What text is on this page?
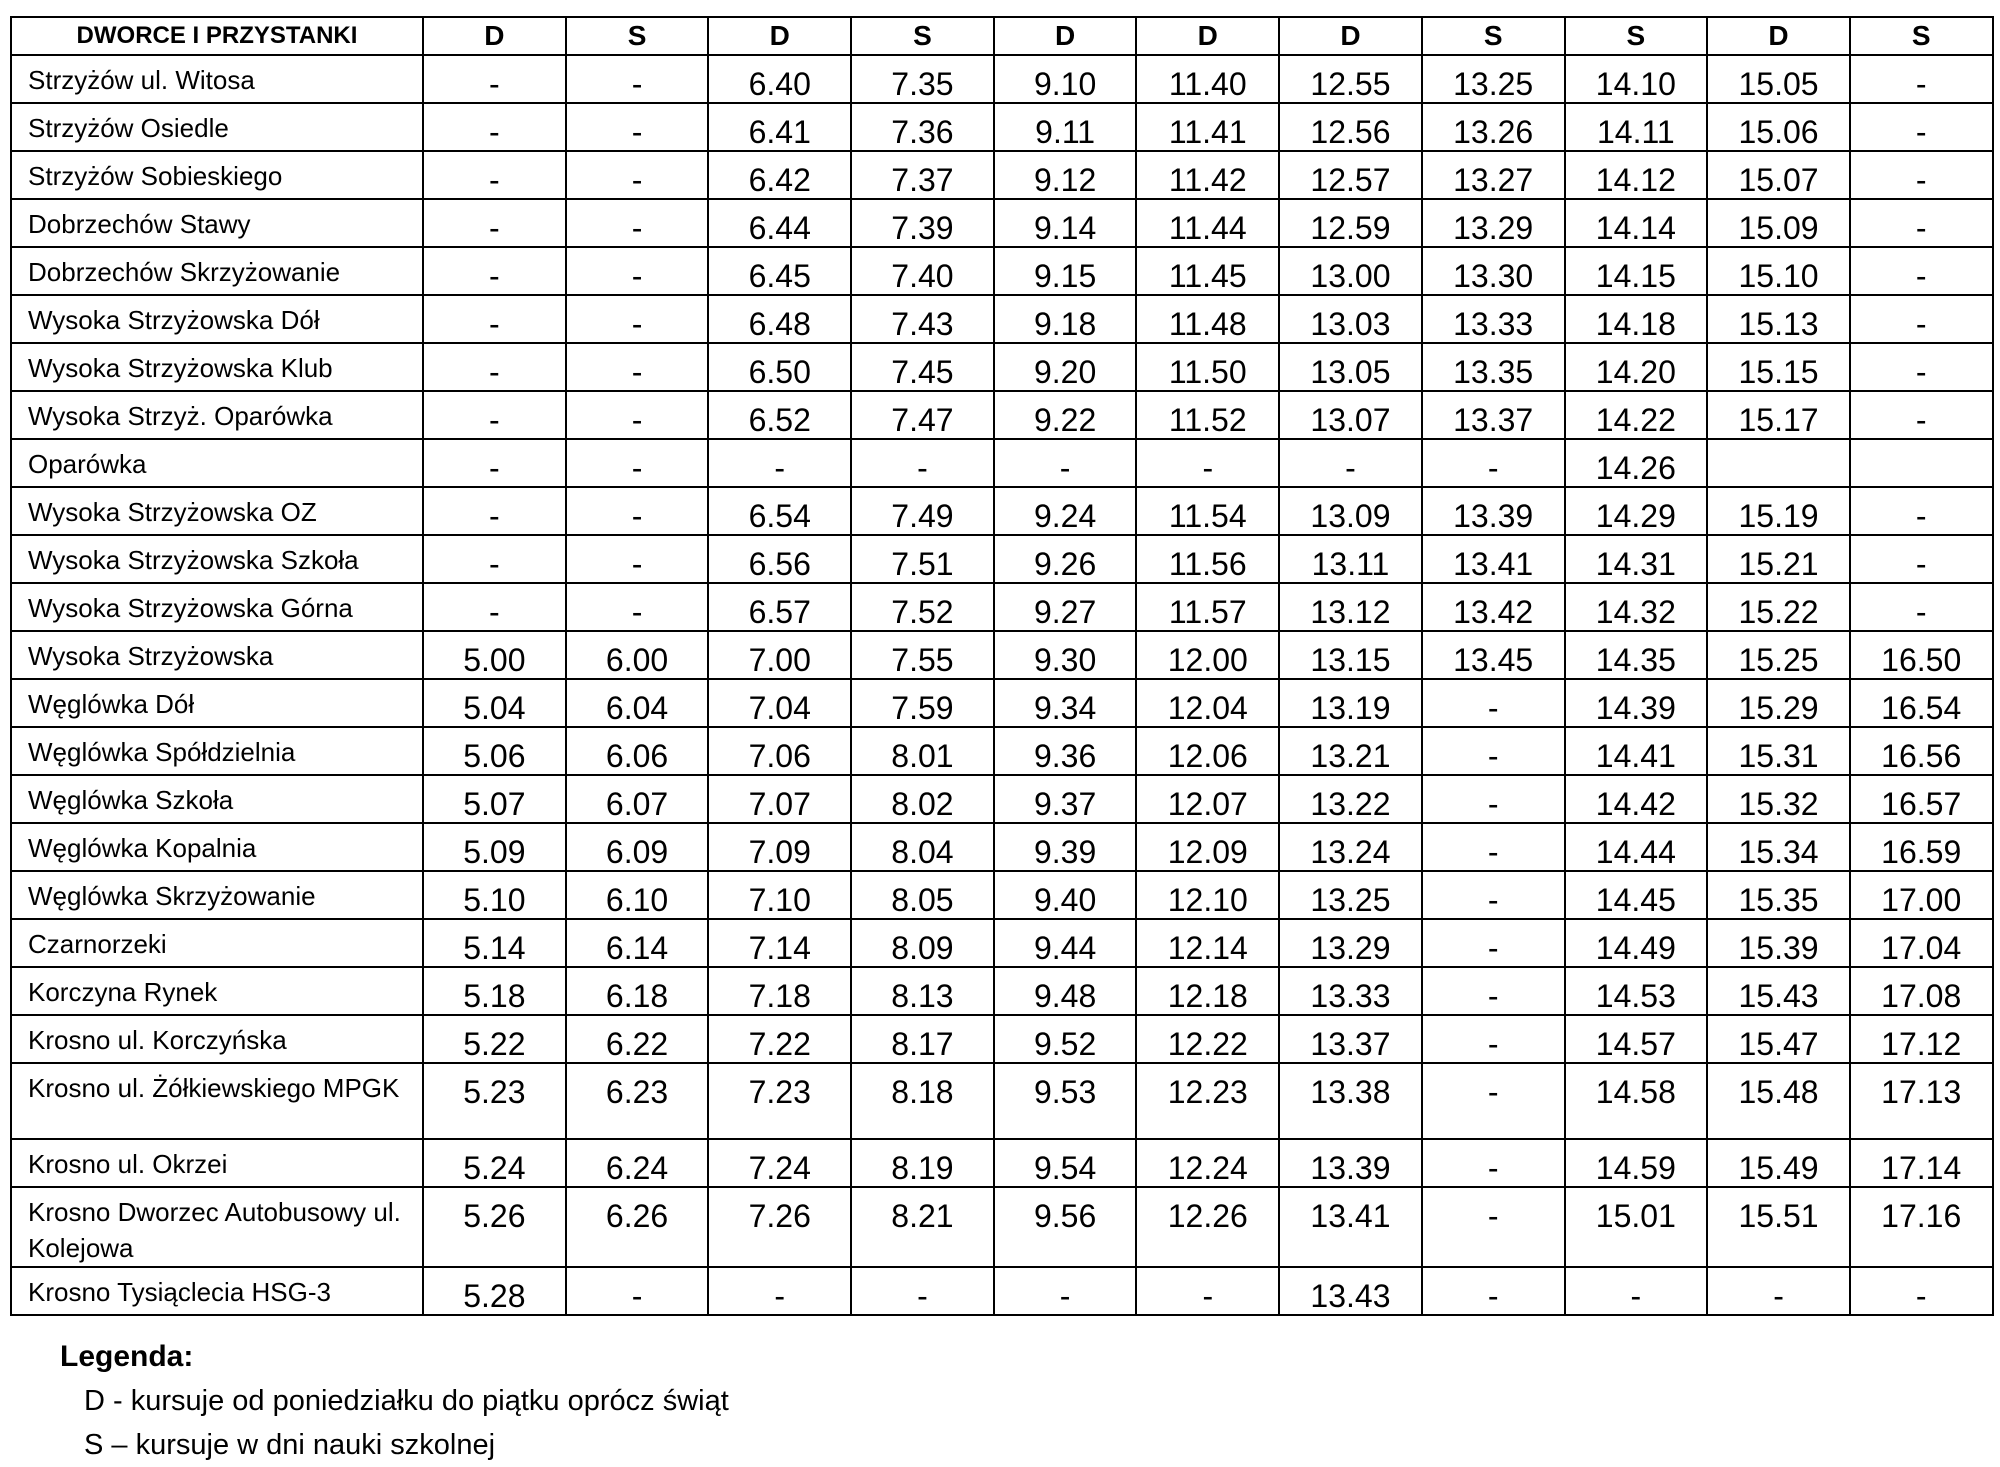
DWORCE I PRZYSTANKI	D	S	D	S	D	D	D	S	S	D	S
Strzyżów ul. Witosa	-	-	6.40	7.35	9.10	11.40	12.55	13.25	14.10	15.05	-
Strzyżów Osiedle	-	-	6.41	7.36	9.11	11.41	12.56	13.26	14.11	15.06	-
Strzyżów Sobieskiego	-	-	6.42	7.37	9.12	11.42	12.57	13.27	14.12	15.07	-
Dobrzechów Stawy	-	-	6.44	7.39	9.14	11.44	12.59	13.29	14.14	15.09	-
Dobrzechów Skrzyżowanie	-	-	6.45	7.40	9.15	11.45	13.00	13.30	14.15	15.10	-
Wysoka Strzyżowska Dół	-	-	6.48	7.43	9.18	11.48	13.03	13.33	14.18	15.13	-
Wysoka Strzyżowska Klub	-	-	6.50	7.45	9.20	11.50	13.05	13.35	14.20	15.15	-
Wysoka Strzyż. Oparówka	-	-	6.52	7.47	9.22	11.52	13.07	13.37	14.22	15.17	-
Oparówka	-	-	-	-	-	-	-	-	14.26		
Wysoka Strzyżowska OZ	-	-	6.54	7.49	9.24	11.54	13.09	13.39	14.29	15.19	-
Wysoka Strzyżowska Szkoła	-	-	6.56	7.51	9.26	11.56	13.11	13.41	14.31	15.21	-
Wysoka Strzyżowska Górna	-	-	6.57	7.52	9.27	11.57	13.12	13.42	14.32	15.22	-
Wysoka Strzyżowska	5.00	6.00	7.00	7.55	9.30	12.00	13.15	13.45	14.35	15.25	16.50
Węglówka Dół	5.04	6.04	7.04	7.59	9.34	12.04	13.19	-	14.39	15.29	16.54
Węglówka Spółdzielnia	5.06	6.06	7.06	8.01	9.36	12.06	13.21	-	14.41	15.31	16.56
Węglówka Szkoła	5.07	6.07	7.07	8.02	9.37	12.07	13.22	-	14.42	15.32	16.57
Węglówka Kopalnia	5.09	6.09	7.09	8.04	9.39	12.09	13.24	-	14.44	15.34	16.59
Węglówka Skrzyżowanie	5.10	6.10	7.10	8.05	9.40	12.10	13.25	-	14.45	15.35	17.00
Czarnorzeki	5.14	6.14	7.14	8.09	9.44	12.14	13.29	-	14.49	15.39	17.04
Korczyna Rynek	5.18	6.18	7.18	8.13	9.48	12.18	13.33	-	14.53	15.43	17.08
Krosno ul. Korczyńska	5.22	6.22	7.22	8.17	9.52	12.22	13.37	-	14.57	15.47	17.12
Krosno ul. Żółkiewskiego MPGK	5.23	6.23	7.23	8.18	9.53	12.23	13.38	-	14.58	15.48	17.13
Krosno ul. Okrzei	5.24	6.24	7.24	8.19	9.54	12.24	13.39	-	14.59	15.49	17.14
Krosno Dworzec Autobusowy ul. Kolejowa	5.26	6.26	7.26	8.21	9.56	12.26	13.41	-	15.01	15.51	17.16
Krosno Tysiąclecia HSG-3	5.28	-	-	-	-	-	13.43	-	-	-	-
Legenda:
D - kursuje od poniedziałku do piątku oprócz świąt
S – kursuje w dni nauki szkolnej
